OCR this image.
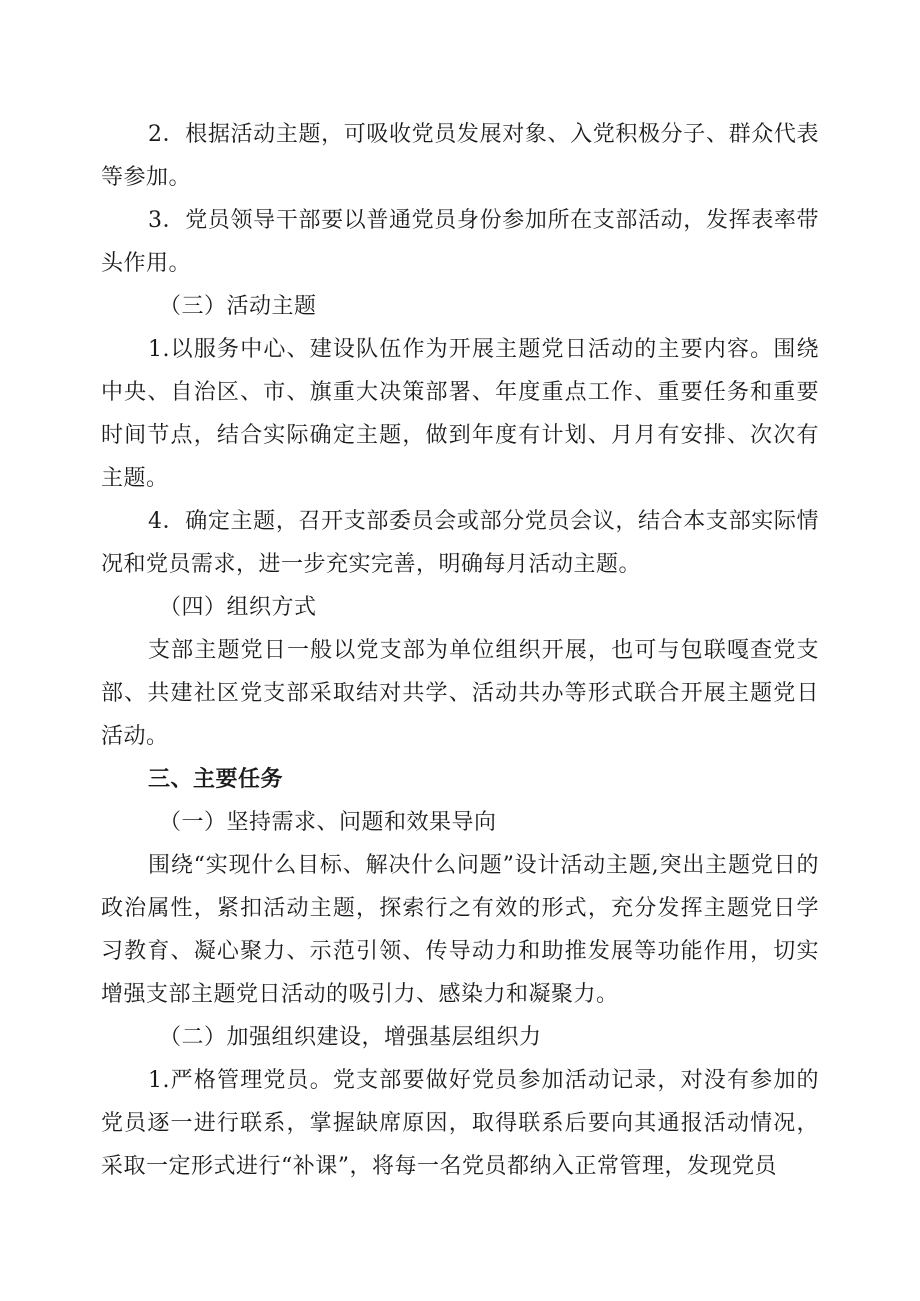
2．根据活动主题，可吸收党员发展对象、入党积极分子、群众代表等参加。

3．党员领导干部要以普通党员身份参加所在支部活动，发挥表率带头作用。

（三）活动主题

1.以服务中心、建设队伍作为开展主题党日活动的主要内容。围绕中央、自治区、市、旗重大决策部署、年度重点工作、重要任务和重要时间节点，结合实际确定主题，做到年度有计划、月月有安排、次次有主题。

4．确定主题，召开支部委员会或部分党员会议，结合本支部实际情况和党员需求，进一步充实完善，明确每月活动主题。

（四）组织方式

支部主题党日一般以党支部为单位组织开展，也可与包联嘎查党支部、共建社区党支部采取结对共学、活动共办等形式联合开展主题党日活动。

三、主要任务

（一）坚持需求、问题和效果导向

围绕“实现什么目标、解决什么问题”设计活动主题,突出主题党日的政治属性，紧扣活动主题，探索行之有效的形式，充分发挥主题党日学习教育、凝心聚力、示范引领、传导动力和助推发展等功能作用，切实增强支部主题党日活动的吸引力、感染力和凝聚力。

（二）加强组织建设，增强基层组织力

1.严格管理党员。党支部要做好党员参加活动记录，对没有参加的党员逐一进行联系，掌握缺席原因，取得联系后要向其通报活动情况，采取一定形式进行“补课”，将每一名党员都纳入正常管理，发现党员
